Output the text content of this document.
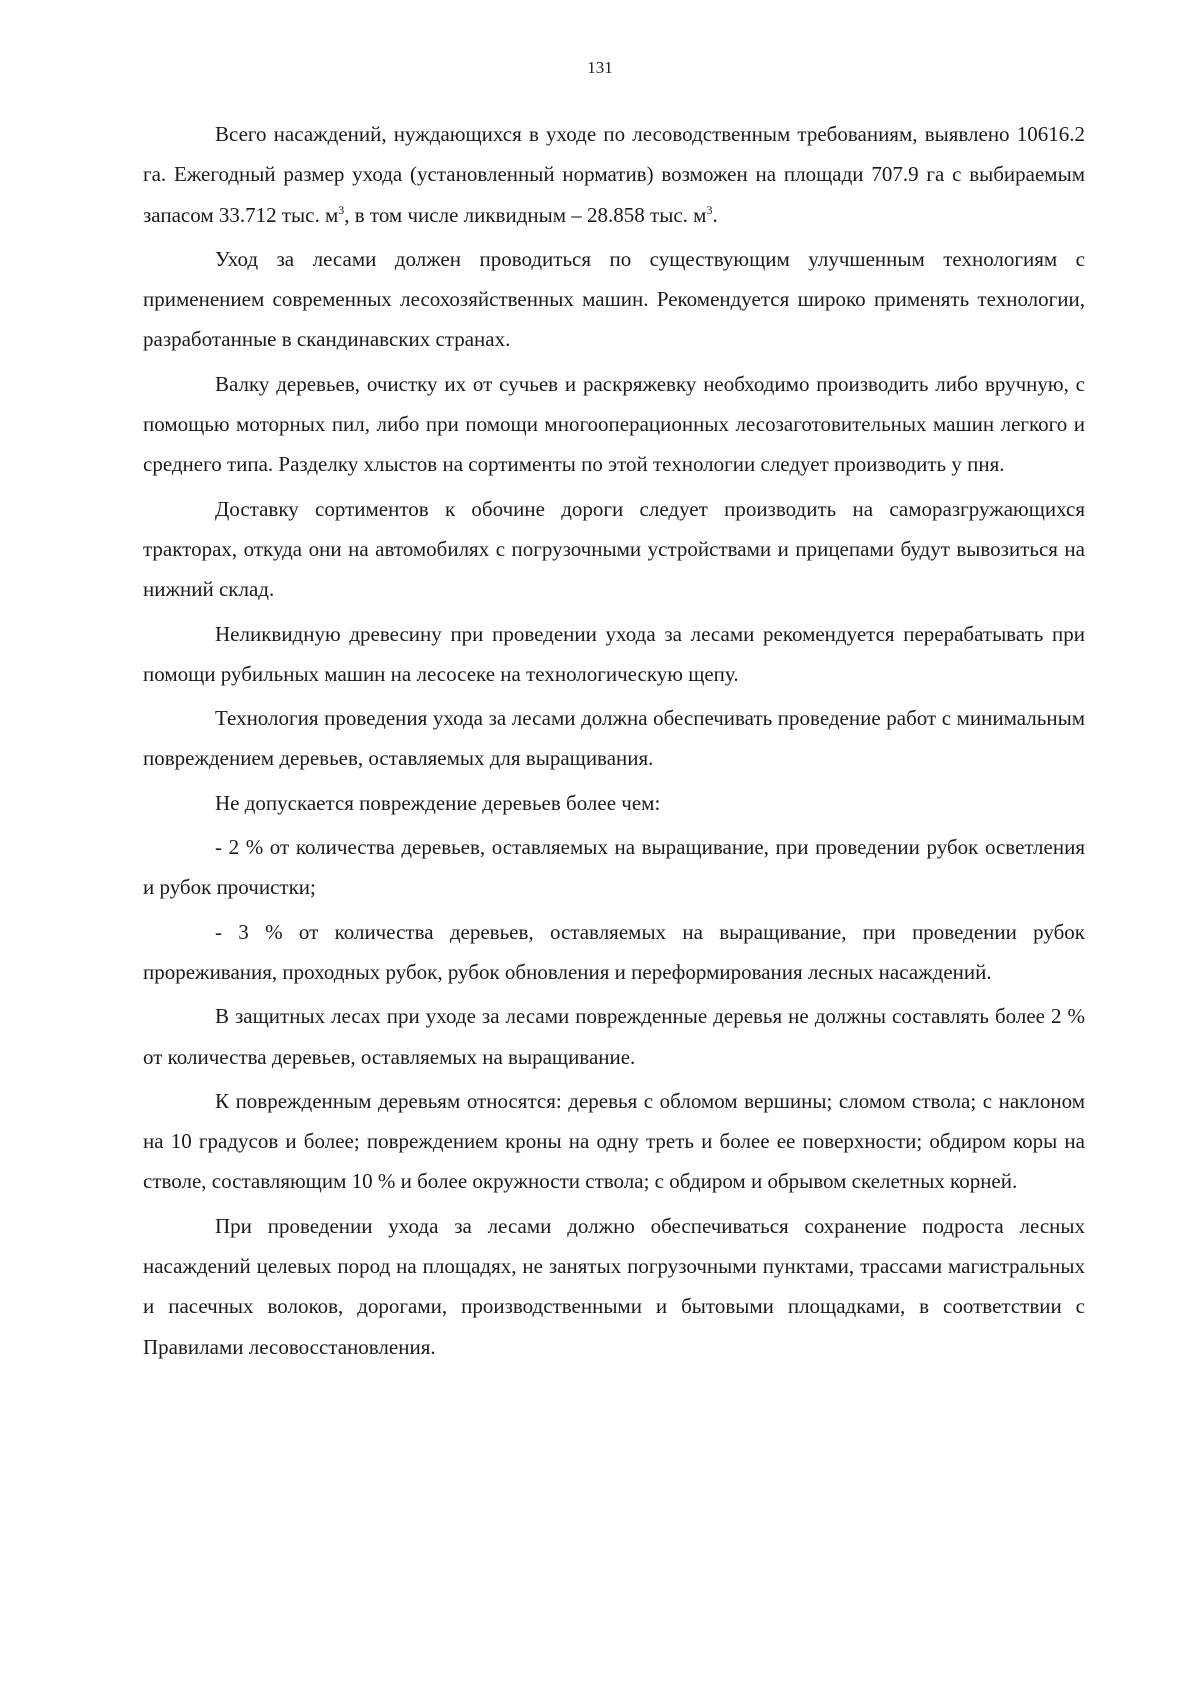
131

Всего насаждений, нуждающихся в уходе по лесоводственным требованиям, выявлено 10616.2 га. Ежегодный размер ухода (установленный норматив) возможен на площади 707.9 га с выбираемым запасом 33.712 тыс. $м^3$, в том числе ликвидным – 28.858 тыс. $м^3$.

Уход за лесами должен проводиться по существующим улучшенным технологиям с применением современных лесохозяйственных машин. Рекомендуется широко применять технологии, разработанные в скандинавских странах.

Валку деревьев, очистку их от сучьев и раскряжевку необходимо производить либо вручную, с помощью моторных пил, либо при помощи многооперационных лесозаготовительных машин легкого и среднего типа. Разделку хлыстов на сортименты по этой технологии следует производить у пня.

Доставку сортиментов к обочине дороги следует производить на саморазгружающихся тракторах, откуда они на автомобилях с погрузочными устройствами и прицепами будут вывозиться на нижний склад.

Неликвидную древесину при проведении ухода за лесами рекомендуется перерабатывать при помощи рубильных машин на лесосеке на технологическую щепу.

Технология проведения ухода за лесами должна обеспечивать проведение работ с минимальным повреждением деревьев, оставляемых для выращивания.

Не допускается повреждение деревьев более чем:

- 2 % от количества деревьев, оставляемых на выращивание, при проведении рубок осветления и рубок прочистки;

- 3 % от количества деревьев, оставляемых на выращивание, при проведении рубок прореживания, проходных рубок, рубок обновления и переформирования лесных насаждений.

В защитных лесах при уходе за лесами поврежденные деревья не должны составлять более 2 % от количества деревьев, оставляемых на выращивание.

К поврежденным деревьям относятся: деревья с обломом вершины; сломом ствола; с наклоном на 10 градусов и более; повреждением кроны на одну треть и более ее поверхности; обдиром коры на стволе, составляющим 10 % и более окружности ствола; с обдиром и обрывом скелетных корней.

При проведении ухода за лесами должно обеспечиваться сохранение подроста лесных насаждений целевых пород на площадях, не занятых погрузочными пунктами, трассами магистральных и пасечных волоков, дорогами, производственными и бытовыми площадками, в соответствии с Правилами лесовосстановления.
